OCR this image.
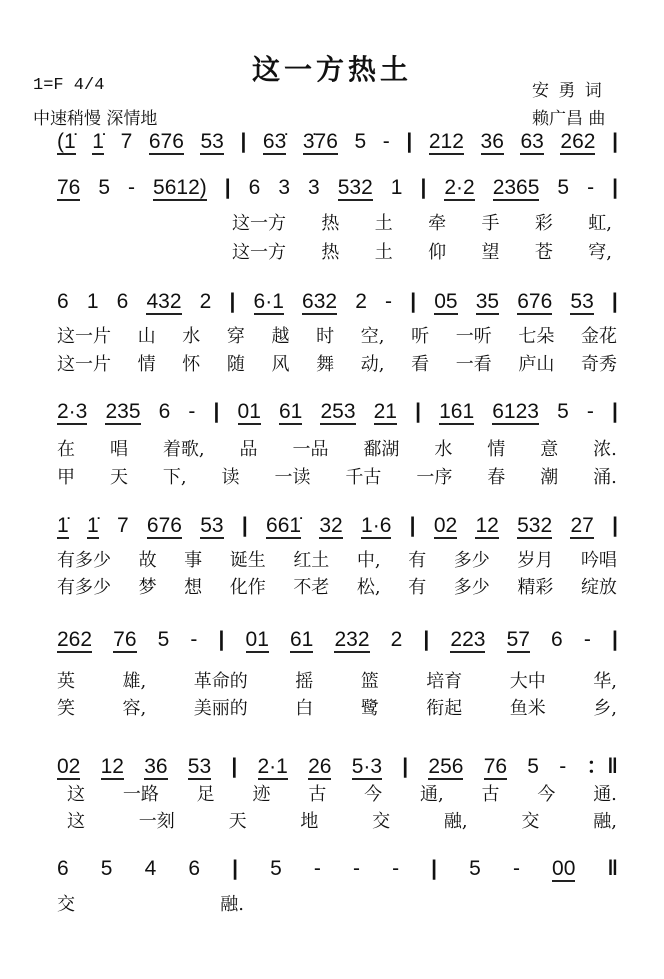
这一方热土
1=F 4/4
中速稍慢 深情地
安 勇 词
赖广昌 曲
(1̇ 1̇ 7 676 53 | 63̇ 3̇76 5 - | 212 36 63 262 |
76 5 - 5612) | 6 3 3 532 1 | 2·2 2365 5 - |
这一方 热 土 牵 手 彩 虹,
这一方 热 土 仰 望 苍 穹,
6 1 6 432 2 | 6·1 632 2 - | 05 35 676 53 |
这一片 山 水 穿 越 时 空, 听 一听 七朵 金花
这一片 情 怀 随 风 舞 动, 看 一看 庐山 奇秀
2·3 235 6 - | 01 61 253 21 | 161 6123 5 - |
在 唱 着歌, 品 一品 鄱湖 水 情 意 浓.
甲 天 下, 读 一读 千古 一序 春 潮 涌.
1̇ 1̇ 7 676 53 | 661̇ 32 1·6 | 02 12 532 27 |
有多少 故 事 诞生 红土 中, 有 多少 岁月 吟唱
有多少 梦 想 化作 不老 松, 有 多少 精彩 绽放
262 76 5 - | 01 61 232 2 | 223 57 6 - |
英	雄,	革命的	摇	篮	培育	大中	华,
笑	容,	美丽的	白	鹭	衔起	鱼米	乡,
02 12 36 53 | 2·1 26 5·3 | 256 76 5 - ：‖
这 一路 足 迹 古 今 通, 古 今 通.
这	一刻	天	地	交	融,	交	融,
6 5 4 6 | 5 - - - | 5 - 00 ‖
交	融.
